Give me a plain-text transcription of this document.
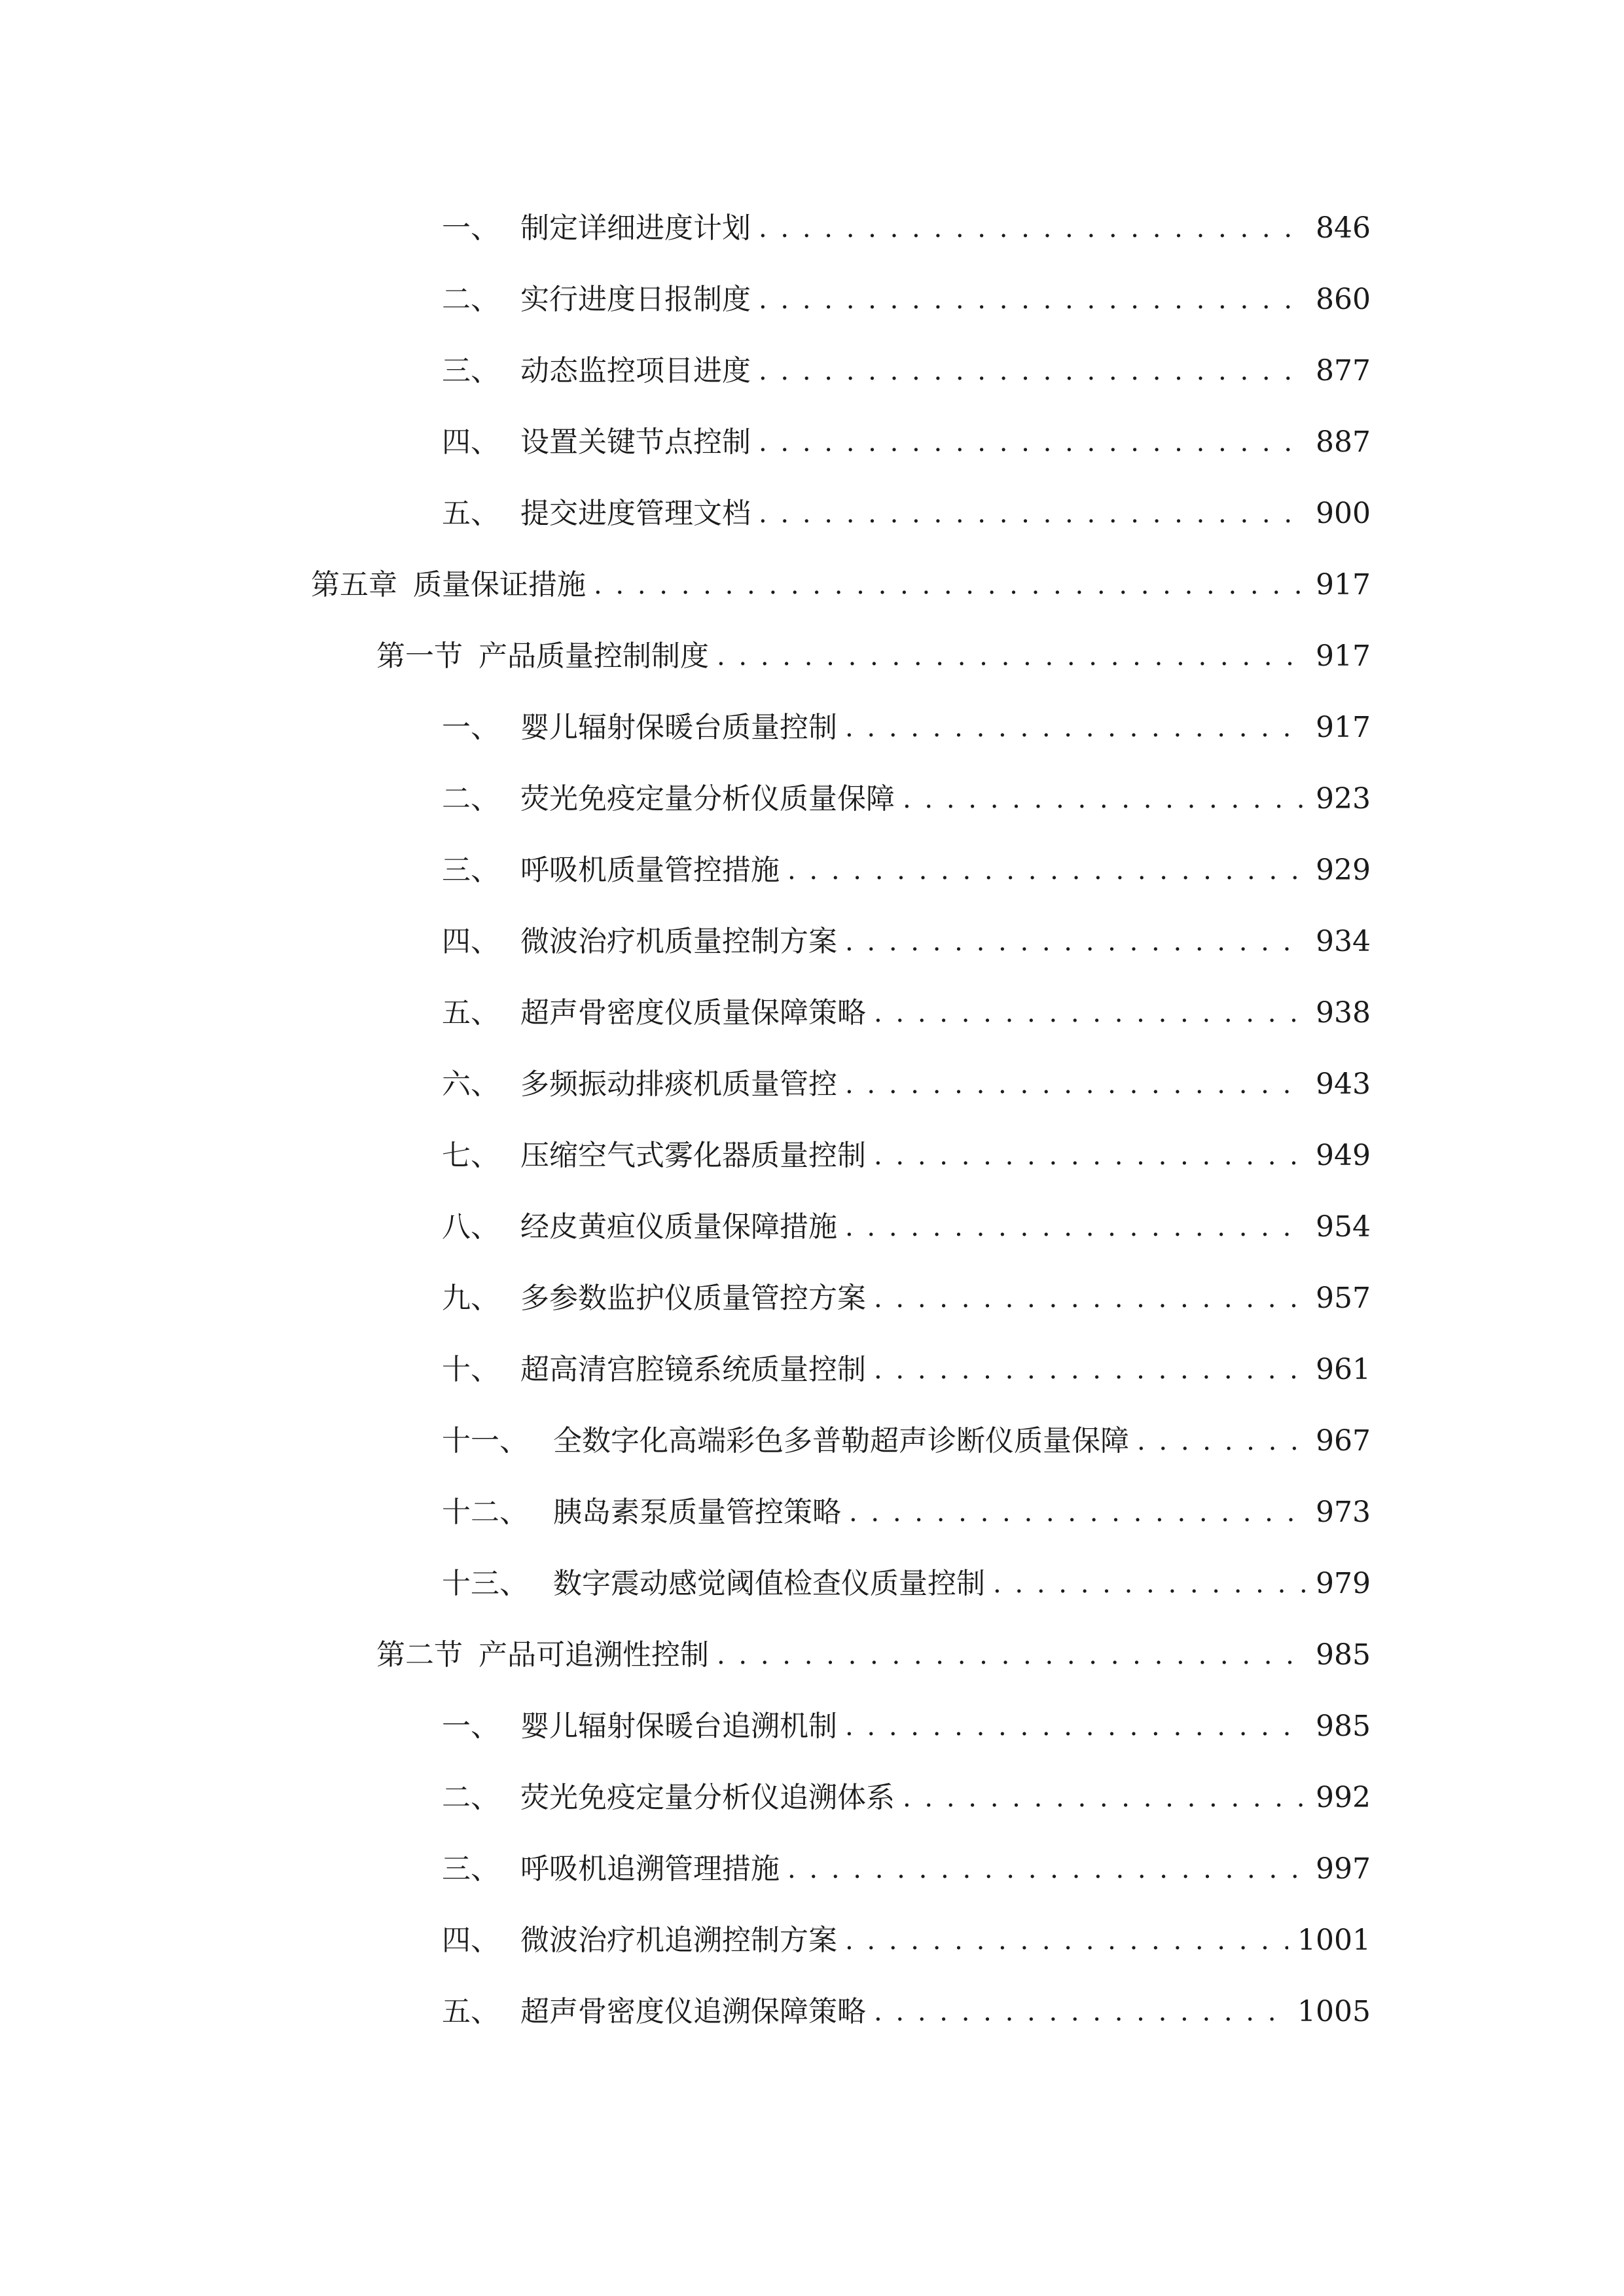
一、 制定详细进度计划 . . .	846
二、 实行进度日报制度 . . .	860
三、 动态监控项目进度 . . .	877
四、 设置关键节点控制 . . .	887
五、 提交进度管理文档 . . .	900
第五章 质量保证措施 . . .	917
第一节 产品质量控制制度 . . .	917
一、 婴儿辐射保暖台质量控制 . . .	917
二、 荧光免疫定量分析仪质量保障 . . .	923
三、 呼吸机质量管控措施 . . .	929
四、 微波治疗机质量控制方案 . . .	934
五、 超声骨密度仪质量保障策略 . . .	938
六、 多频振动排痰机质量管控 . . .	943
七、 压缩空气式雾化器质量控制 . . .	949
八、 经皮黄疸仪质量保障措施 . . .	954
九、 多参数监护仪质量管控方案 . . .	957
十、 超高清宫腔镜系统质量控制 . . .	961
十一、 全数字化高端彩色多普勒超声诊断仪质量保障 . . .	967
十二、 胰岛素泵质量管控策略 . . .	973
十三、 数字震动感觉阈值检查仪质量控制 . . .	979
第二节 产品可追溯性控制 . . .	985
一、 婴儿辐射保暖台追溯机制 . . .	985
二、 荧光免疫定量分析仪追溯体系 . . .	992
三、 呼吸机追溯管理措施 . . .	997
四、 微波治疗机追溯控制方案 . . .	1001
五、 超声骨密度仪追溯保障策略 . . .	1005
